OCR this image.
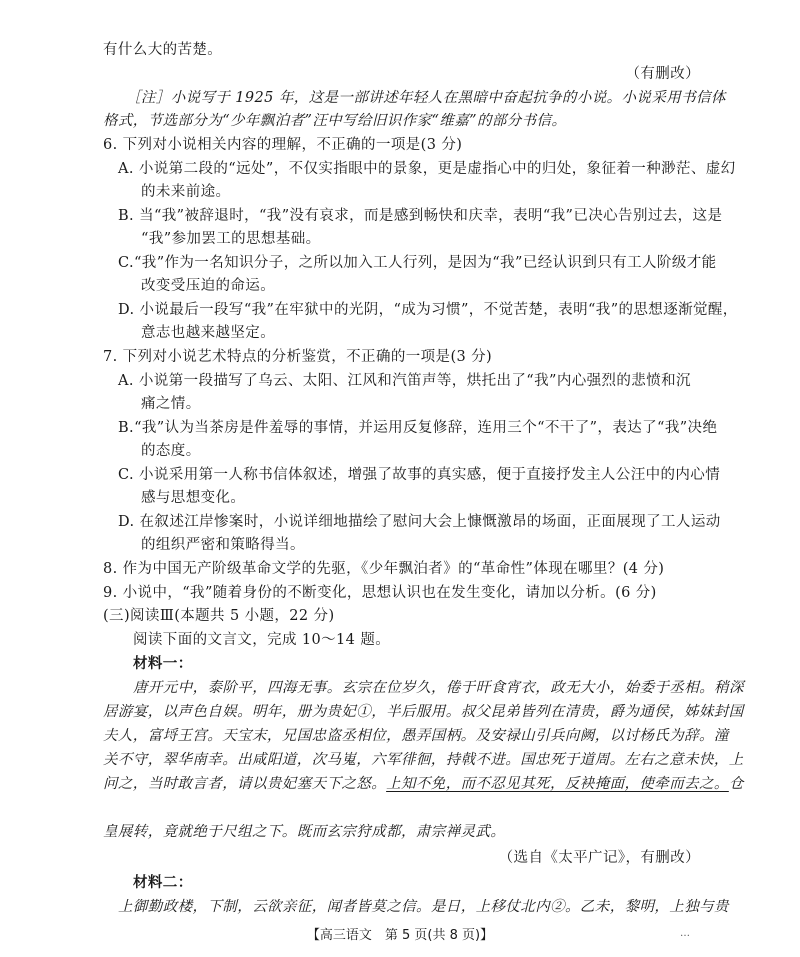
有什么大的苦楚。
（有删改）
［注］小说写于 1925 年，这是一部讲述年轻人在黑暗中奋起抗争的小说。小说采用书信体
格式，节选部分为“少年飘泊者”汪中写给旧识作家“维嘉”的部分书信。
6. 下列对小说相关内容的理解，不正确的一项是(3 分)
A. 小说第二段的“远处”，不仅实指眼中的景象，更是虚指心中的归处，象征着一种渺茫、虚幻
的未来前途。
B. 当“我”被辞退时，“我”没有哀求，而是感到畅快和庆幸，表明“我”已决心告别过去，这是
“我”参加罢工的思想基础。
C.“我”作为一名知识分子，之所以加入工人行列，是因为“我”已经认识到只有工人阶级才能
改变受压迫的命运。
D. 小说最后一段写“我”在牢狱中的光阴，“成为习惯”，不觉苦楚，表明“我”的思想逐渐觉醒，
意志也越来越坚定。
7. 下列对小说艺术特点的分析鉴赏，不正确的一项是(3 分)
A. 小说第一段描写了乌云、太阳、江风和汽笛声等，烘托出了“我”内心强烈的悲愤和沉
痛之情。
B.“我”认为当茶房是件羞辱的事情，并运用反复修辞，连用三个“不干了”，表达了“我”决绝
的态度。
C. 小说采用第一人称书信体叙述，增强了故事的真实感，便于直接抒发主人公汪中的内心情
感与思想变化。
D. 在叙述江岸惨案时，小说详细地描绘了慰问大会上慷慨激昂的场面，正面展现了工人运动
的组织严密和策略得当。
8. 作为中国无产阶级革命文学的先驱，《少年飘泊者》的“革命性”体现在哪里？(4 分)
9. 小说中，“我”随着身份的不断变化，思想认识也在发生变化，请加以分析。(6 分)
(三)阅读Ⅲ(本题共 5 小题，22 分)
阅读下面的文言文，完成 10～14 题。
材料一：
唐开元中，泰阶平，四海无事。玄宗在位岁久，倦于旰食宵衣，政无大小，始委于丞相。稍深
居游宴，以声色自娱。明年，册为贵妃①，半后服用。叔父昆弟皆列在清贵，爵为通侯，姊妹封国
夫人，富埒王宫。天宝末，兄国忠盗丞相位，愚弄国柄。及安禄山引兵向阙，以讨杨氏为辞。潼
关不守，翠华南幸。出咸阳道，次马嵬，六军徘徊，持戟不进。国忠死于道周。左右之意未快，上
问之，当时敢言者，请以贵妃塞天下之怒。上知不免，而不忍见其死，反袂掩面，使牵而去之。仓
皇展转，竟就绝于尺组之下。既而玄宗狩成都，肃宗禅灵武。
（选自《太平广记》，有删改）
材料二：
上御勤政楼，下制，云欲亲征，闻者皆莫之信。是日，上移仗北内②。乙未，黎明，上独与贵
【高三语文　第 5 页(共 8 页)】	…
